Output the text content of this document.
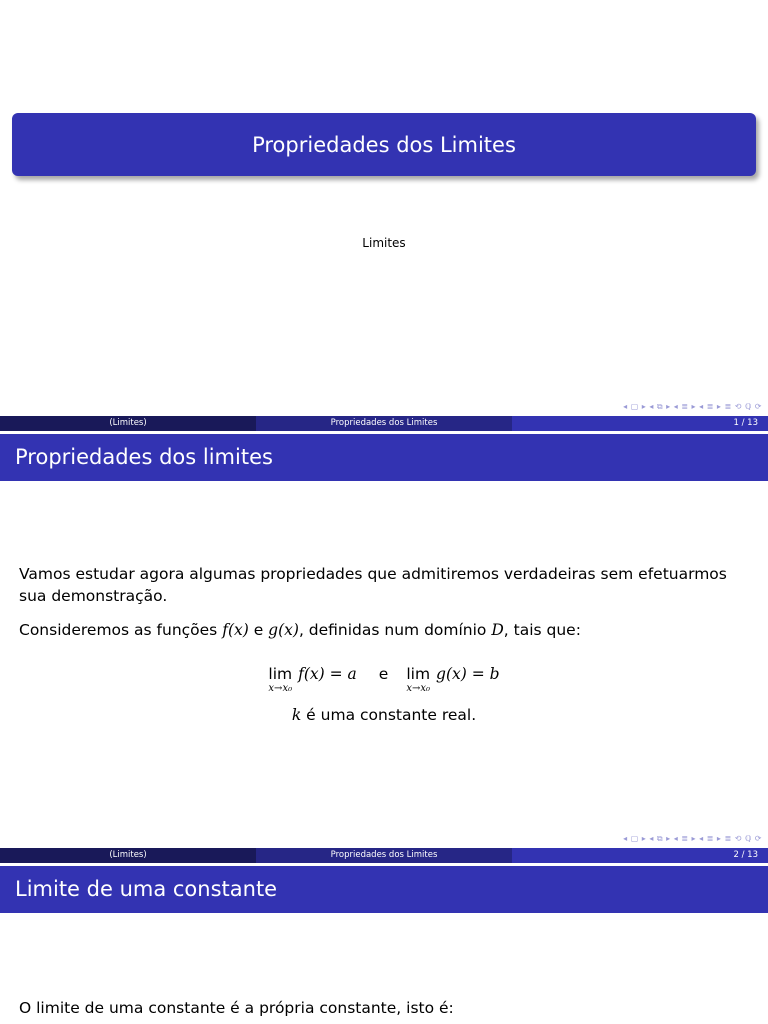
Propriedades dos Limites
Limites
◂ ▢ ▸ ◂ ⧉ ▸ ◂ ≣ ▸ ◂ ≣ ▸ ≣ ⟲ ℚ ⟳
(Limites)	Propriedades dos Limites	1 / 13
Propriedades dos limites
Vamos estudar agora algumas propriedades que admitiremos verdadeiras sem efetuarmos sua demonstração.
Consideremos as funções f(x) e g(x), definidas num domínio D, tais que:
lim
x→x₀
f(x) = a e lim
x→x₀
g(x) = b
k é uma constante real.
◂ ▢ ▸ ◂ ⧉ ▸ ◂ ≣ ▸ ◂ ≣ ▸ ≣ ⟲ ℚ ⟳
(Limites)	Propriedades dos Limites	2 / 13
Limite de uma constante
O limite de uma constante é a própria constante, isto é:
